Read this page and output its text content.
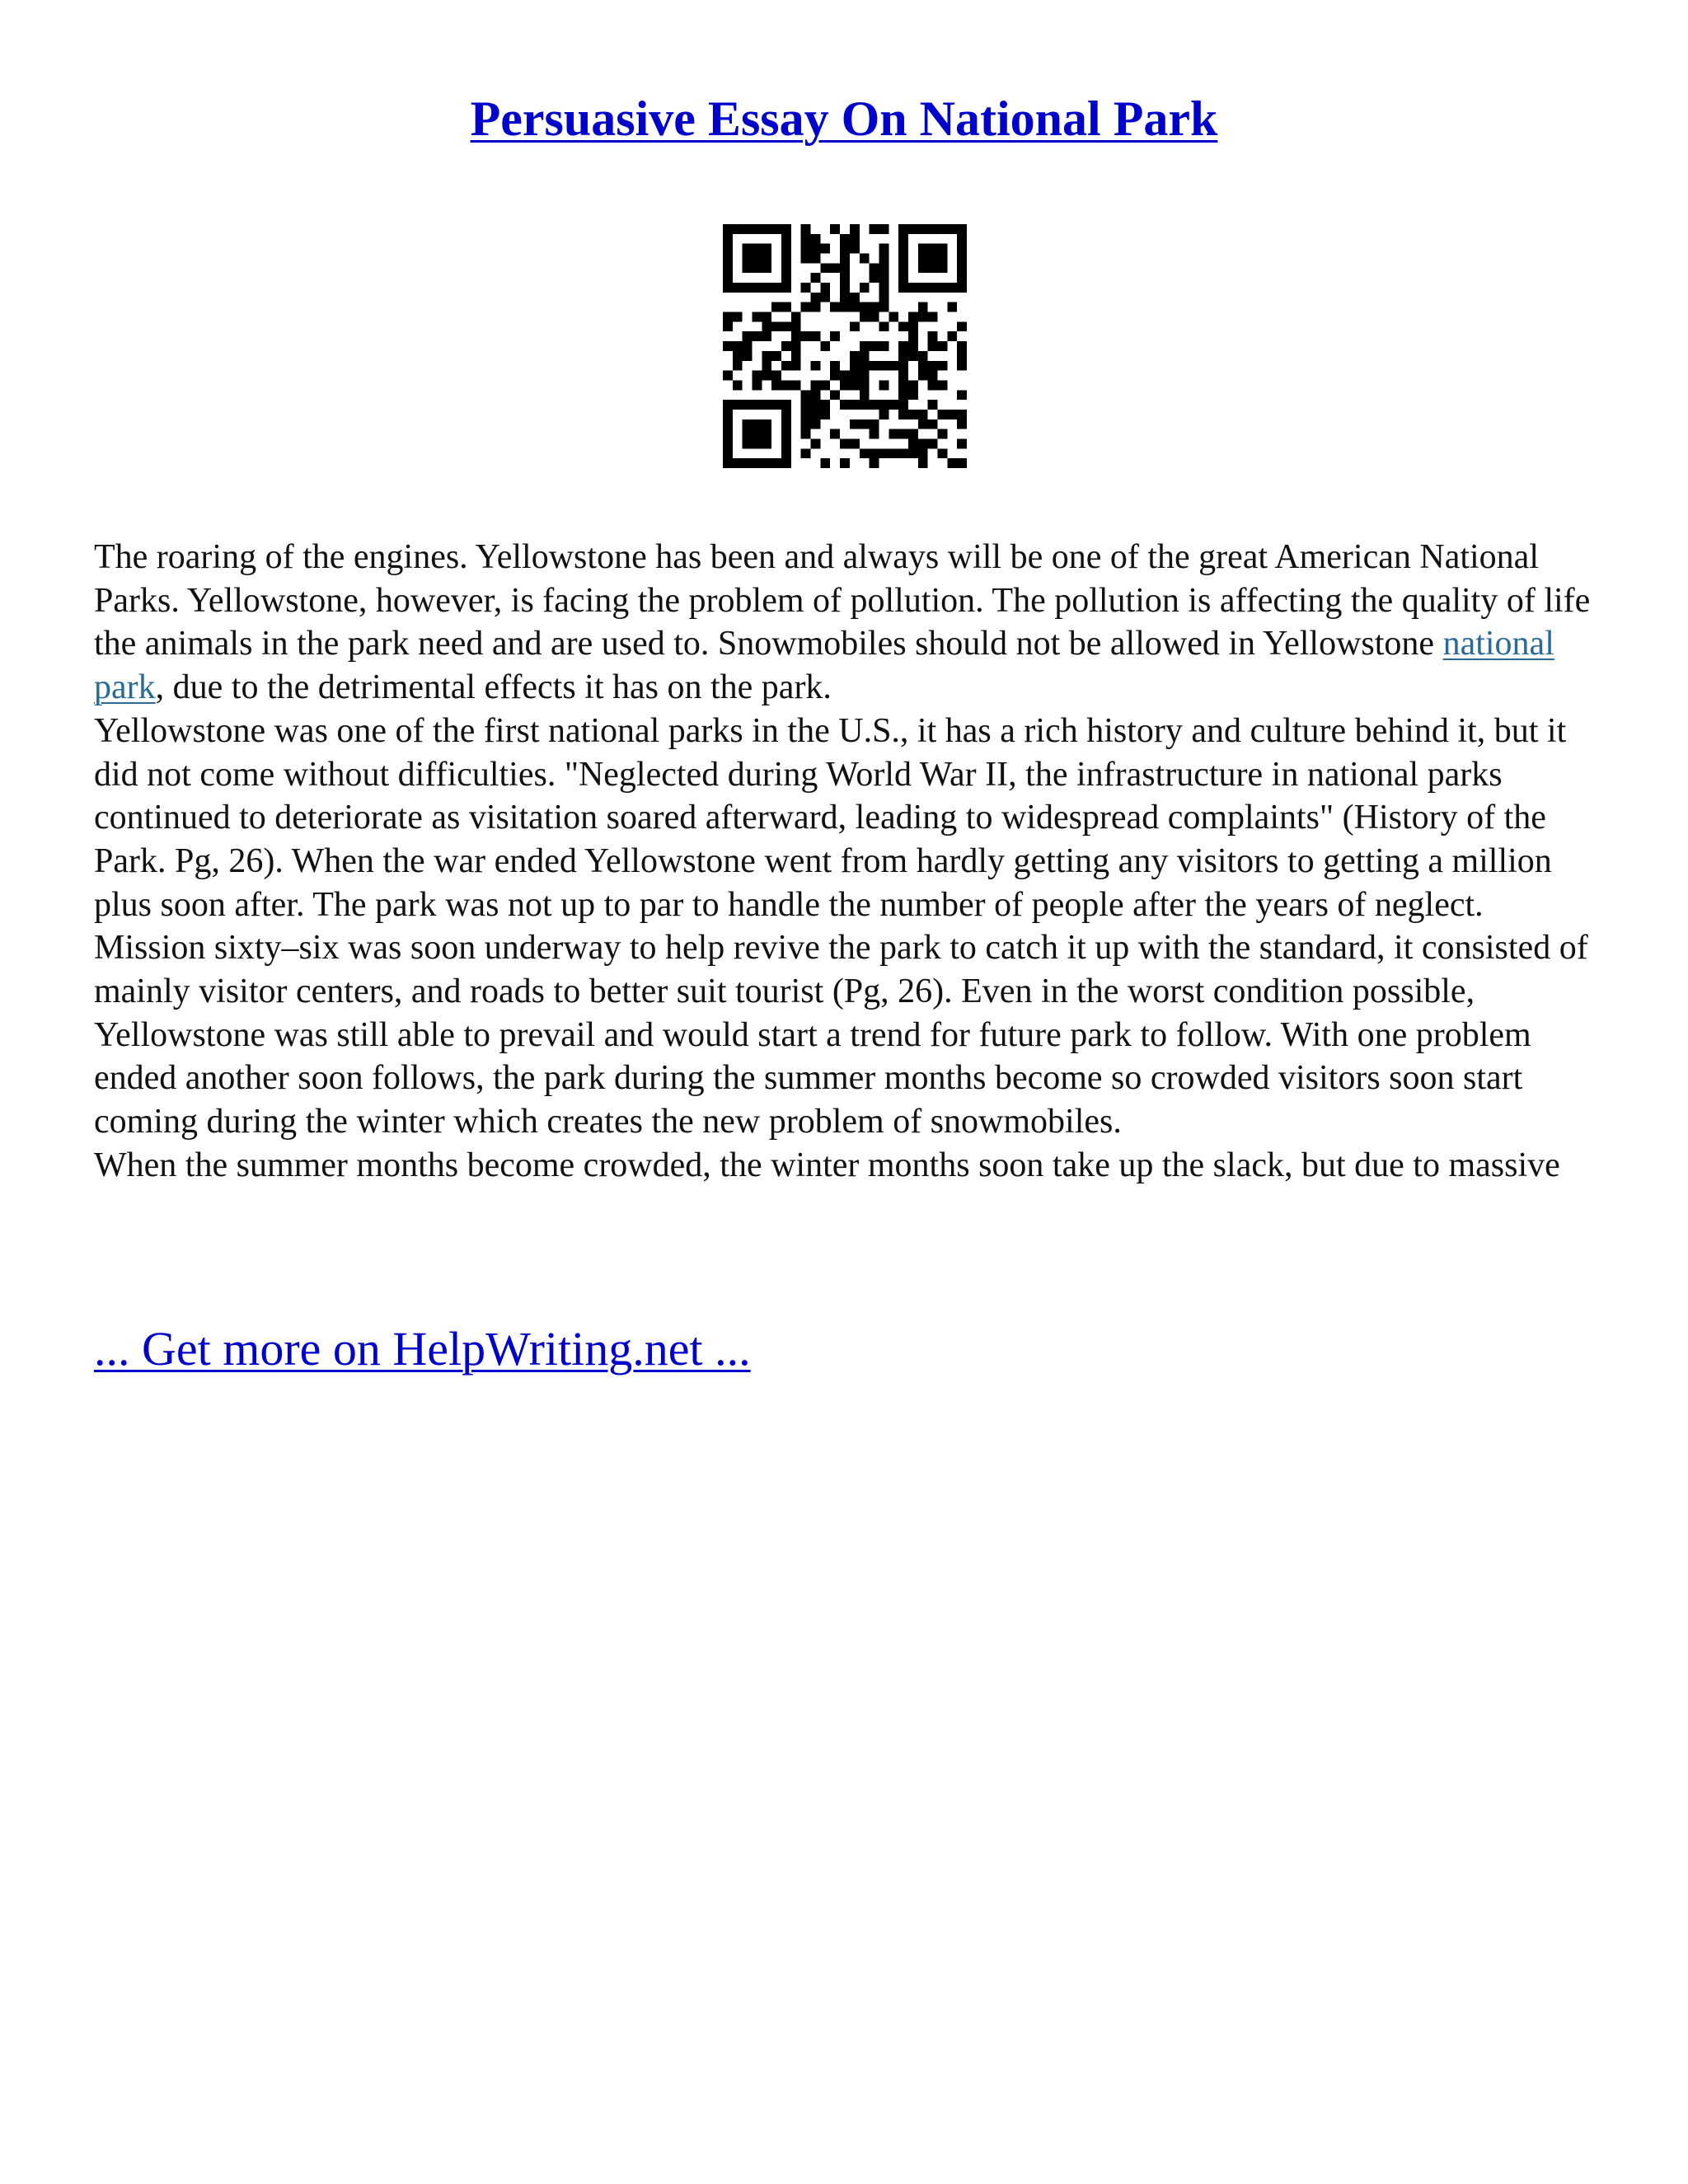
Persuasive Essay On National Park

The roaring of the engines. Yellowstone has been and always will be one of the great American National Parks. Yellowstone, however, is facing the problem of pollution. The pollution is affecting the quality of life the animals in the park need and are used to. Snowmobiles should not be allowed in Yellowstone national park, due to the detrimental effects it has on the park.

Yellowstone was one of the first national parks in the U.S., it has a rich history and culture behind it, but it did not come without difficulties. "Neglected during World War II, the infrastructure in national parks continued to deteriorate as visitation soared afterward, leading to widespread complaints" (History of the Park. Pg, 26). When the war ended Yellowstone went from hardly getting any visitors to getting a million plus soon after. The park was not up to par to handle the number of people after the years of neglect. Mission sixty–six was soon underway to help revive the park to catch it up with the standard, it consisted of mainly visitor centers, and roads to better suit tourist (Pg, 26). Even in the worst condition possible, Yellowstone was still able to prevail and would start a trend for future park to follow. With one problem ended another soon follows, the park during the summer months become so crowded visitors soon start coming during the winter which creates the new problem of snowmobiles.

When the summer months become crowded, the winter months soon take up the slack, but due to massive

... Get more on HelpWriting.net ...
